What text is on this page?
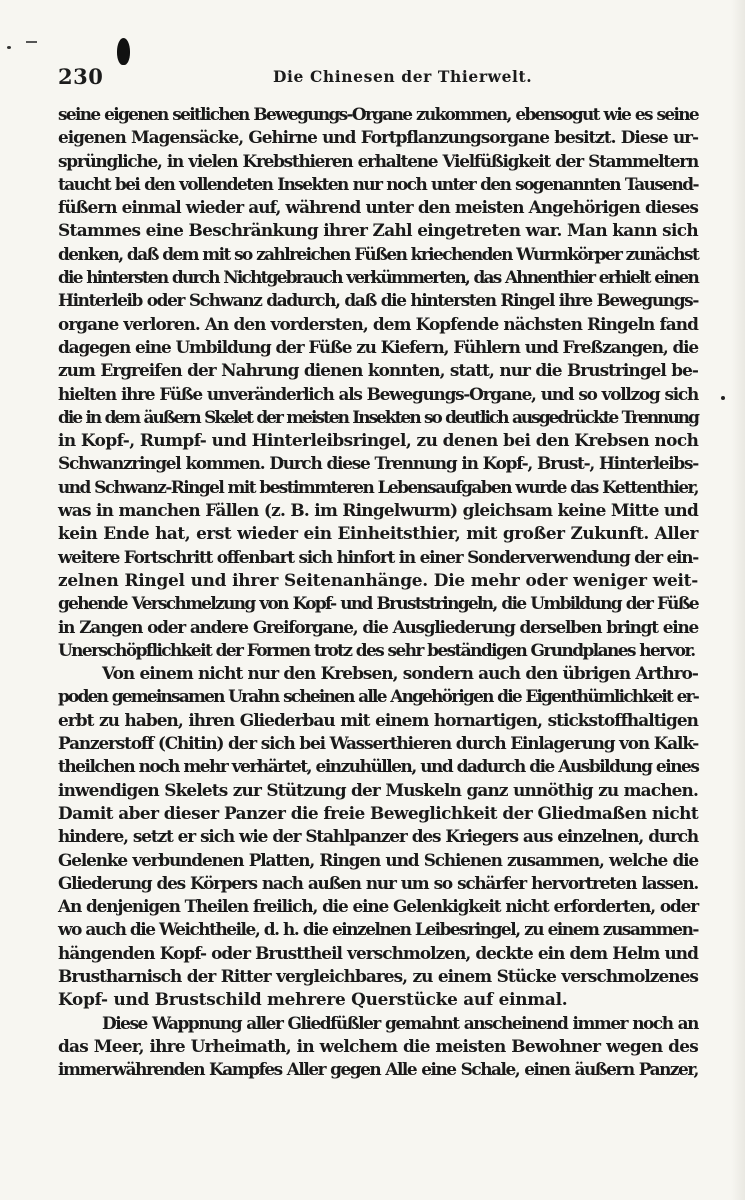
230	Die Chinesen der Thierwelt.
seine eigenen seitlichen Bewegungs-Organe zukommen, ebensogut wie es seine
eigenen Magensäcke, Gehirne und Fortpflanzungsorgane besitzt. Diese ur-
sprüngliche, in vielen Krebsthieren erhaltene Vielfüßigkeit der Stammeltern
taucht bei den vollendeten Insekten nur noch unter den sogenannten Tausend-
füßern einmal wieder auf, während unter den meisten Angehörigen dieses
Stammes eine Beschränkung ihrer Zahl eingetreten war. Man kann sich
denken, daß dem mit so zahlreichen Füßen kriechenden Wurmkörper zunächst
die hintersten durch Nichtgebrauch verkümmerten, das Ahnenthier erhielt einen
Hinterleib oder Schwanz dadurch, daß die hintersten Ringel ihre Bewegungs-
organe verloren. An den vordersten, dem Kopfende nächsten Ringeln fand
dagegen eine Umbildung der Füße zu Kiefern, Fühlern und Freßzangen, die
zum Ergreifen der Nahrung dienen konnten, statt, nur die Brustringel be-
hielten ihre Füße unveränderlich als Bewegungs-Organe, und so vollzog sich
die in dem äußern Skelet der meisten Insekten so deutlich ausgedrückte Trennung
in Kopf-, Rumpf- und Hinterleibsringel, zu denen bei den Krebsen noch
Schwanzringel kommen. Durch diese Trennung in Kopf-, Brust-, Hinterleibs-
und Schwanz-Ringel mit bestimmteren Lebensaufgaben wurde das Kettenthier,
was in manchen Fällen (z. B. im Ringelwurm) gleichsam keine Mitte und
kein Ende hat, erst wieder ein Einheitsthier, mit großer Zukunft. Aller
weitere Fortschritt offenbart sich hinfort in einer Sonderverwendung der ein-
zelnen Ringel und ihrer Seitenanhänge. Die mehr oder weniger weit-
gehende Verschmelzung von Kopf- und Bruststringeln, die Umbildung der Füße
in Zangen oder andere Greiforgane, die Ausgliederung derselben bringt eine
Unerschöpflichkeit der Formen trotz des sehr beständigen Grundplanes hervor.
Von einem nicht nur den Krebsen, sondern auch den übrigen Arthro-
poden gemeinsamen Urahn scheinen alle Angehörigen die Eigenthümlichkeit er-
erbt zu haben, ihren Gliederbau mit einem hornartigen, stickstoffhaltigen
Panzerstoff (Chitin) der sich bei Wasserthieren durch Einlagerung von Kalk-
theilchen noch mehr verhärtet, einzuhüllen, und dadurch die Ausbildung eines
inwendigen Skelets zur Stützung der Muskeln ganz unnöthig zu machen.
Damit aber dieser Panzer die freie Beweglichkeit der Gliedmaßen nicht
hindere, setzt er sich wie der Stahlpanzer des Kriegers aus einzelnen, durch
Gelenke verbundenen Platten, Ringen und Schienen zusammen, welche die
Gliederung des Körpers nach außen nur um so schärfer hervortreten lassen.
An denjenigen Theilen freilich, die eine Gelenkigkeit nicht erforderten, oder
wo auch die Weichtheile, d. h. die einzelnen Leibesringel, zu einem zusammen-
hängenden Kopf- oder Brusttheil verschmolzen, deckte ein dem Helm und
Brustharnisch der Ritter vergleichbares, zu einem Stücke verschmolzenes
Kopf- und Brustschild mehrere Querstücke auf einmal.
Diese Wappnung aller Gliedfüßler gemahnt anscheinend immer noch an
das Meer, ihre Urheimath, in welchem die meisten Bewohner wegen des
immerwährenden Kampfes Aller gegen Alle eine Schale, einen äußern Panzer,
